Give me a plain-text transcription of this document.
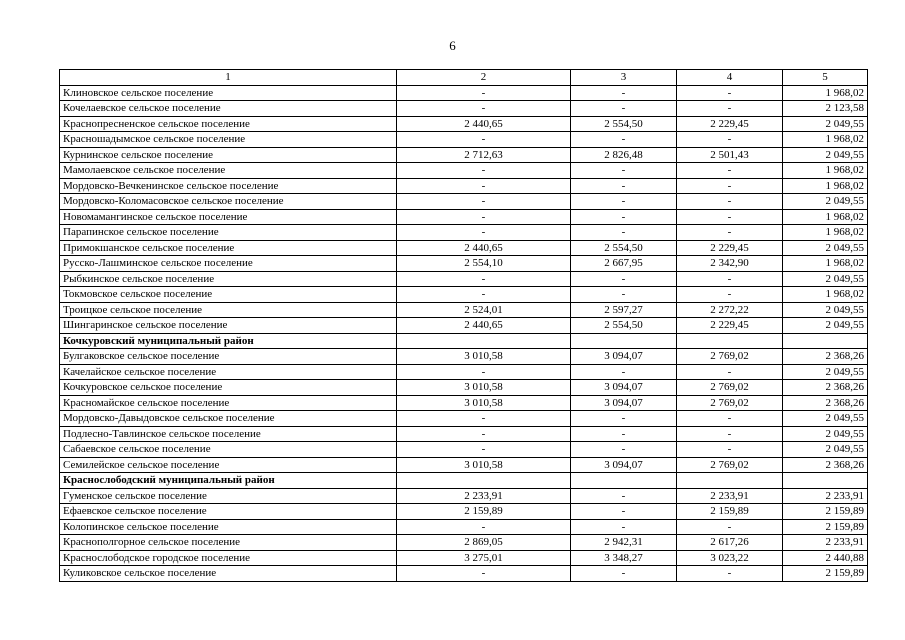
6
1	2	3	4	5
Клиновское сельское поселение	-	-	-	1 968,02
Кочелаевское сельское поселение	-	-	-	2 123,58
Краснопресненское сельское поселение	2 440,65	2 554,50	2 229,45	2 049,55
Красношадымское сельское поселение	-	-	-	1 968,02
Курнинское сельское поселение	2 712,63	2 826,48	2 501,43	2 049,55
Мамолаевское сельское поселение	-	-	-	1 968,02
Мордовско-Вечкенинское сельское поселение	-	-	-	1 968,02
Мордовско-Коломасовское сельское поселение	-	-	-	2 049,55
Новомамангинское сельское поселение	-	-	-	1 968,02
Парапинское сельское поселение	-	-	-	1 968,02
Примокшанское сельское поселение	2 440,65	2 554,50	2 229,45	2 049,55
Русско-Лашминское сельское поселение	2 554,10	2 667,95	2 342,90	1 968,02
Рыбкинское сельское поселение	-	-	-	2 049,55
Токмовское сельское поселение	-	-	-	1 968,02
Троицкое сельское поселение	2 524,01	2 597,27	2 272,22	2 049,55
Шингаринское сельское поселение	2 440,65	2 554,50	2 229,45	2 049,55
Кочкуровский муниципальный район				
Булгаковское сельское поселение	3 010,58	3 094,07	2 769,02	2 368,26
Качелайское сельское поселение	-	-	-	2 049,55
Кочкуровское сельское поселение	3 010,58	3 094,07	2 769,02	2 368,26
Красномайское сельское поселение	3 010,58	3 094,07	2 769,02	2 368,26
Мордовско-Давыдовское сельское поселение	-	-	-	2 049,55
Подлесно-Тавлинское сельское поселение	-	-	-	2 049,55
Сабаевское сельское поселение	-	-	-	2 049,55
Семилейское сельское поселение	3 010,58	3 094,07	2 769,02	2 368,26
Краснослободский муниципальный район				
Гуменское сельское поселение	2 233,91	-	2 233,91	2 233,91
Ефаевское сельское поселение	2 159,89	-	2 159,89	2 159,89
Колопинское сельское поселение	-	-	-	2 159,89
Краснополгорное сельское поселение	2 869,05	2 942,31	2 617,26	2 233,91
Краснослободское городское поселение	3 275,01	3 348,27	3 023,22	2 440,88
Куликовское сельское поселение	-	-	-	2 159,89
